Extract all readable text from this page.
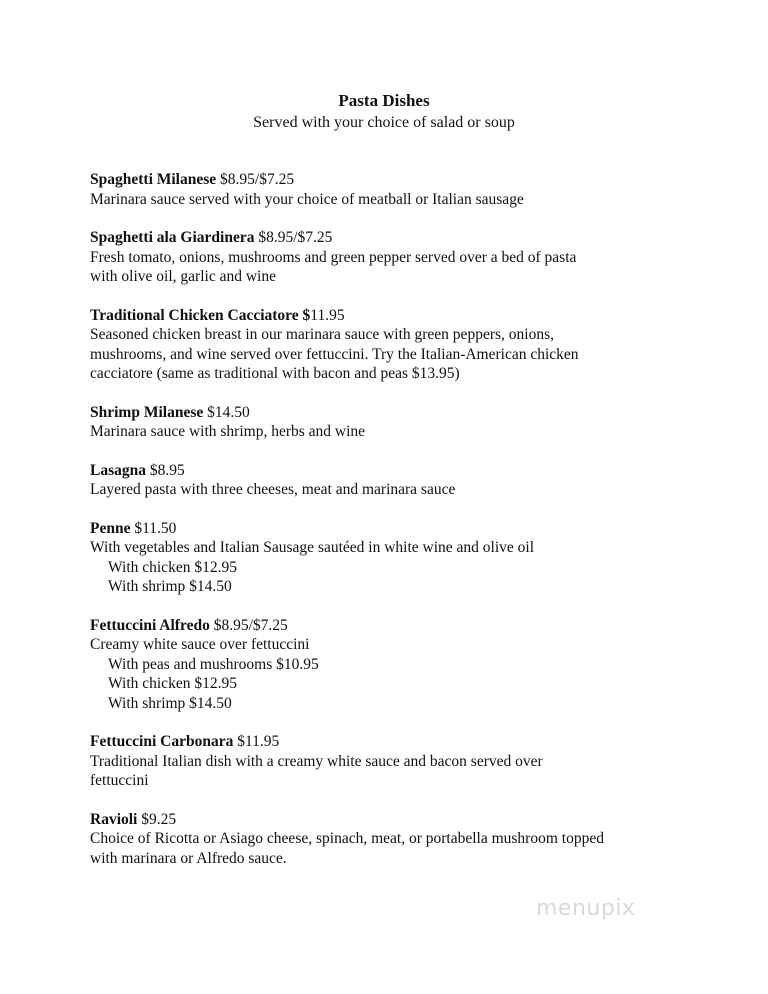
Pasta Dishes
Served with your choice of salad or soup
Spaghetti Milanese $8.95/$7.25
Marinara sauce served with your choice of meatball or Italian sausage
Spaghetti ala Giardinera $8.95/$7.25
Fresh tomato, onions, mushrooms and green pepper served over a bed of pasta
with olive oil, garlic and wine
Traditional Chicken Cacciatore $11.95
Seasoned chicken breast in our marinara sauce with green peppers, onions,
mushrooms, and wine served over fettuccini. Try the Italian-American chicken
cacciatore (same as traditional with bacon and peas $13.95)
Shrimp Milanese $14.50
Marinara sauce with shrimp, herbs and wine
Lasagna $8.95
Layered pasta with three cheeses, meat and marinara sauce
Penne $11.50
With vegetables and Italian Sausage sautéed in white wine and olive oil
With chicken $12.95
With shrimp $14.50
Fettuccini Alfredo $8.95/$7.25
Creamy white sauce over fettuccini
With peas and mushrooms $10.95
With chicken $12.95
With shrimp $14.50
Fettuccini Carbonara $11.95
Traditional Italian dish with a creamy white sauce and bacon served over
fettuccini
Ravioli $9.25
Choice of Ricotta or Asiago cheese, spinach, meat, or portabella mushroom topped
with marinara or Alfredo sauce.
menupix
